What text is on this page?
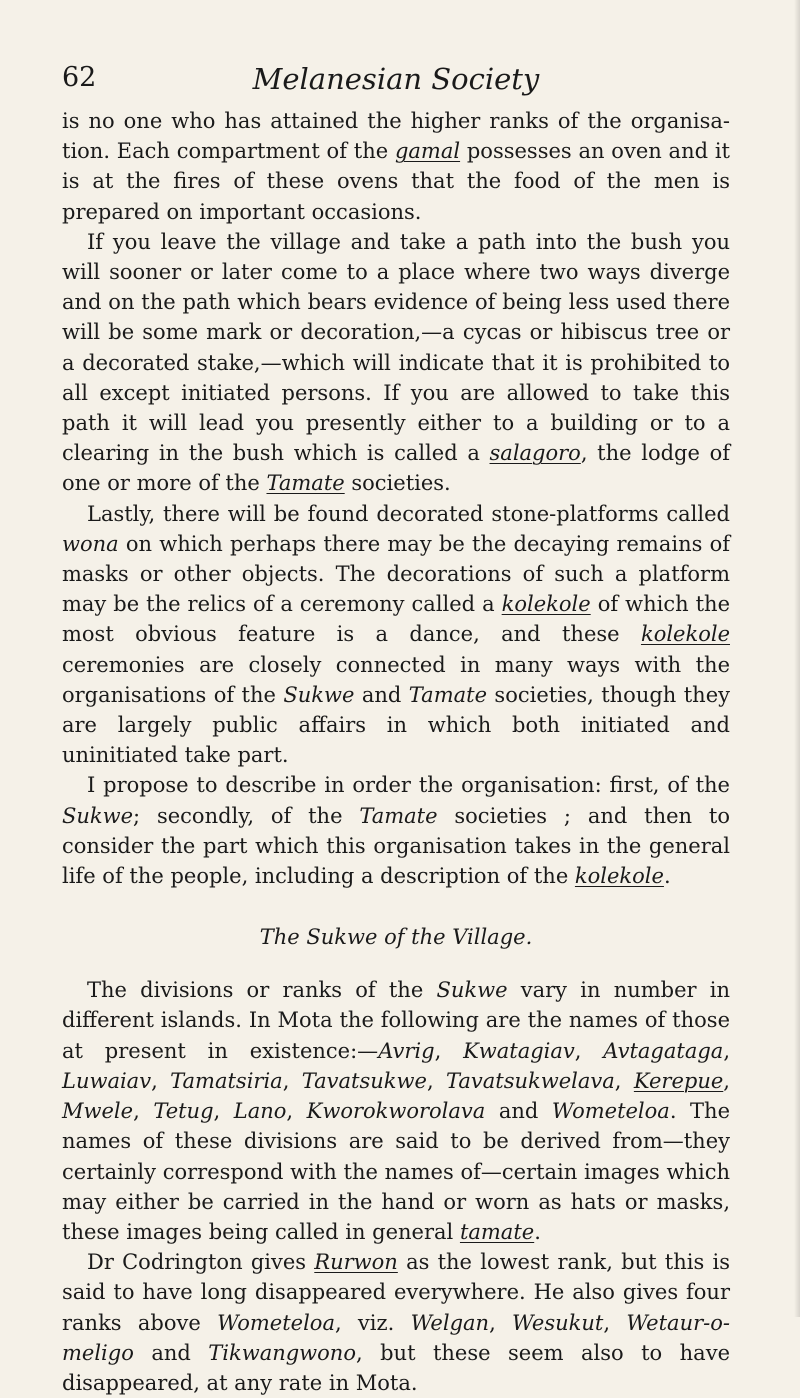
62	Melanesian Society

is no one who has attained the higher ranks of the organisa-tion. Each compartment of the gamal possesses an oven and it is at the fires of these ovens that the food of the men is prepared on important occasions.

If you leave the village and take a path into the bush you will sooner or later come to a place where two ways diverge and on the path which bears evidence of being less used there will be some mark or decoration,—a cycas or hibiscus tree or a decorated stake,—which will indicate that it is prohibited to all except initiated persons. If you are allowed to take this path it will lead you presently either to a building or to a clearing in the bush which is called a salagoro, the lodge of one or more of the Tamate societies.

Lastly, there will be found decorated stone-platforms called wona on which perhaps there may be the decaying remains of masks or other objects. The decorations of such a platform may be the relics of a ceremony called a kolekole of which the most obvious feature is a dance, and these kolekole ceremonies are closely connected in many ways with the organisations of the Sukwe and Tamate societies, though they are largely public affairs in which both initiated and uninitiated take part.

I propose to describe in order the organisation: first, of the Sukwe; secondly, of the Tamate societies ; and then to consider the part which this organisation takes in the general life of the people, including a description of the kolekole.

The Sukwe of the Village.

The divisions or ranks of the Sukwe vary in number in different islands. In Mota the following are the names of those at present in existence:—Avrig, Kwatagiav, Avtagataga, Luwaiav, Tamatsiria, Tavatsukwe, Tavatsukwelava, Kerepue, Mwele, Tetug, Lano, Kworokworolava and Wometeloa. The names of these divisions are said to be derived from—they certainly correspond with the names of—certain images which may either be carried in the hand or worn as hats or masks, these images being called in general tamate.

Dr Codrington gives Rurwon as the lowest rank, but this is said to have long disappeared everywhere. He also gives four ranks above Wometeloa, viz. Welgan, Wesukut, Wetaur-o-meligo and Tikwangwono, but these seem also to have disappeared, at any rate in Mota.
